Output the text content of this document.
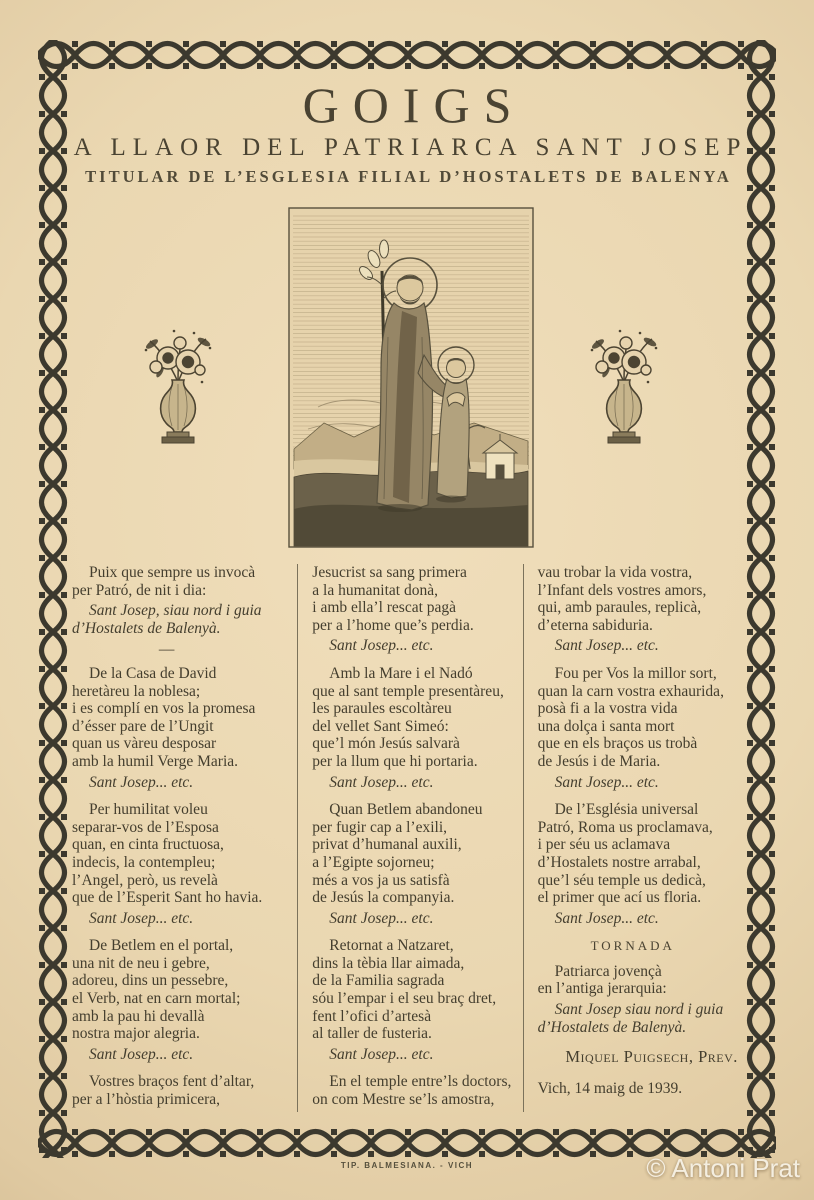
GOIGS
A LLAOR DEL PATRIARCA SANT JOSEP
TITULAR DE L’ESGLESIA FILIAL D’HOSTALETS DE BALENYA
Puix que sempre us invocà
per Patró, de nit i dia:
Sant Josep, siau nord i guia
d’Hostalets de Balenyà.
—
De la Casa de David
heretàreu la noblesa;
i es complí en vos la promesa
d’ésser pare de l’Ungit
quan us vàreu desposar
amb la humil Verge Maria.
Sant Josep... etc.
Per humilitat voleu
separar-vos de l’Esposa
quan, en cinta fructuosa,
indecis, la contempleu;
l’Angel, però, us revelà
que de l’Esperit Sant ho havia.
Sant Josep... etc.
De Betlem en el portal,
una nit de neu i gebre,
adoreu, dins un pessebre,
el Verb, nat en carn mortal;
amb la pau hi devallà
nostra major alegria.
Sant Josep... etc.
Vostres braços fent d’altar,
per a l’hòstia primicera,
Jesucrist sa sang primera
a la humanitat donà,
i amb ella’l rescat pagà
per a l’home que’s perdia.
Sant Josep... etc.
Amb la Mare i el Nadó
que al sant temple presentàreu,
les paraules escoltàreu
del vellet Sant Simeó:
que’l món Jesús salvarà
per la llum que hi portaria.
Sant Josep... etc.
Quan Betlem abandoneu
per fugir cap a l’exili,
privat d’humanal auxili,
a l’Egipte sojorneu;
més a vos ja us satisfà
de Jesús la companyia.
Sant Josep... etc.
Retornat a Natzaret,
dins la tèbia llar aimada,
de la Familia sagrada
sóu l’empar i el seu braç dret,
fent l’ofici d’artesà
al taller de fusteria.
Sant Josep... etc.
En el temple entre’ls doctors,
on com Mestre se’ls amostra,
vau trobar la vida vostra,
l’Infant dels vostres amors,
qui, amb paraules, replicà,
d’eterna sabiduria.
Sant Josep... etc.
Fou per Vos la millor sort,
quan la carn vostra exhaurida,
posà fi a la vostra vida
una dolça i santa mort
que en els braços us trobà
de Jesús i de Maria.
Sant Josep... etc.
De l’Església universal
Patró, Roma us proclamava,
i per séu us aclamava
d’Hostalets nostre arrabal,
que’l séu temple us dedicà,
el primer que ací us floria.
Sant Josep... etc.
TORNADA
Patriarca jovençà
en l’antiga jerarquia:
Sant Josep siau nord i guia
d’Hostalets de Balenyà.
Miquel Puigsech, Prev.
Vich, 14 maig de 1939.
TIP. BALMESIANA. - VICH	© Antoni Prat
